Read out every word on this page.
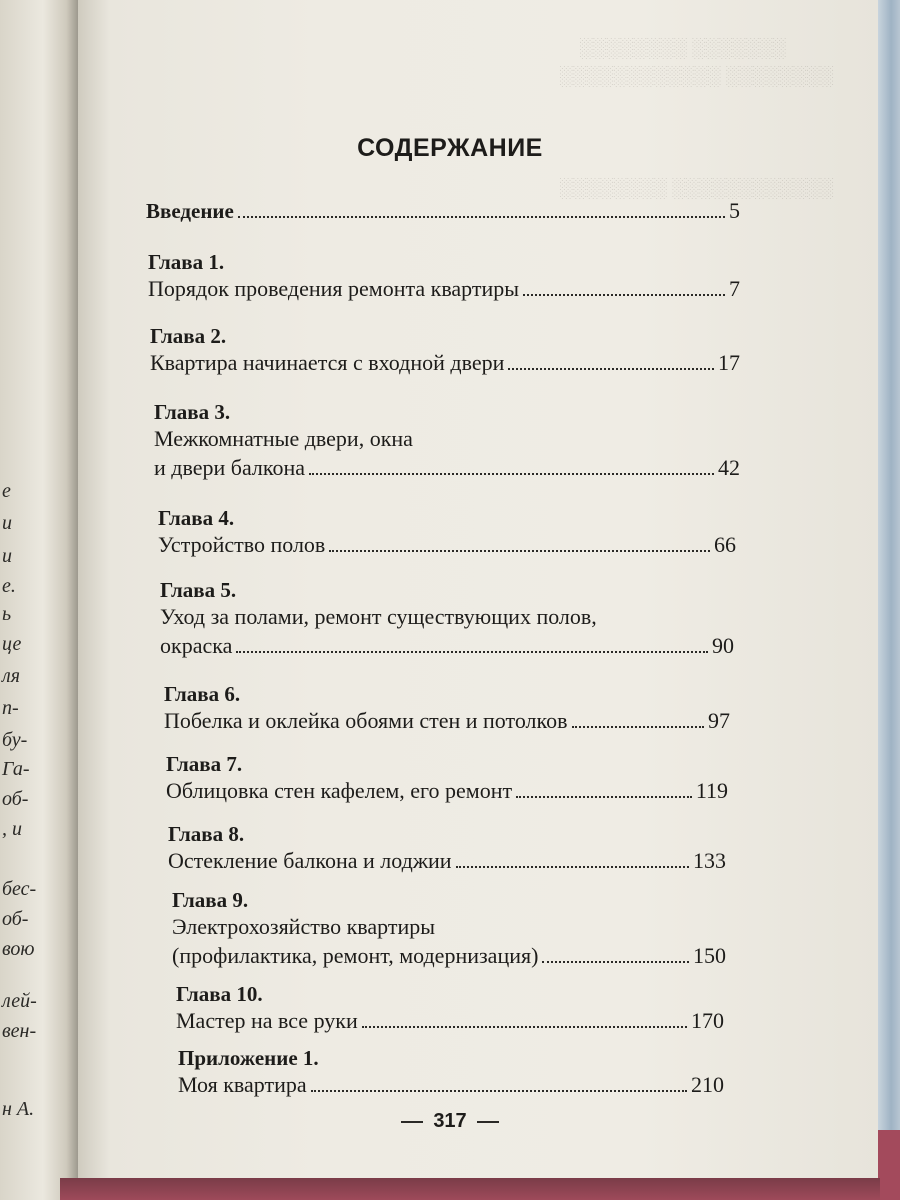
е
и
и
е.
ь
це
ля
п-
бу-
Га-
об-
, и
бес-
об-
вою
лей-
вен-
н А.
░░░░░░░ ░░░░░░░░
░░░░░░░░ ░░░░░░░░░░░░
░░░░░░░░░░░░ ░░░░░░░░
СОДЕРЖАНИЕ
Введение	5
Глава 1.
Порядок проведения ремонта квартиры	7
Глава 2.
Квартира начинается с входной двери	17
Глава 3.
Межкомнатные двери, окна
и двери балкона	42
Глава 4.
Устройство полов	66
Глава 5.
Уход за полами, ремонт существующих полов,
окраска	90
Глава 6.
Побелка и оклейка обоями стен и потолков	97
Глава 7.
Облицовка стен кафелем, его ремонт	119
Глава 8.
Остекление балкона и лоджии	133
Глава 9.
Электрохозяйство квартиры
(профилактика, ремонт, модернизация)	150
Глава 10.
Мастер на все руки	170
Приложение 1.
Моя квартира	210
317
